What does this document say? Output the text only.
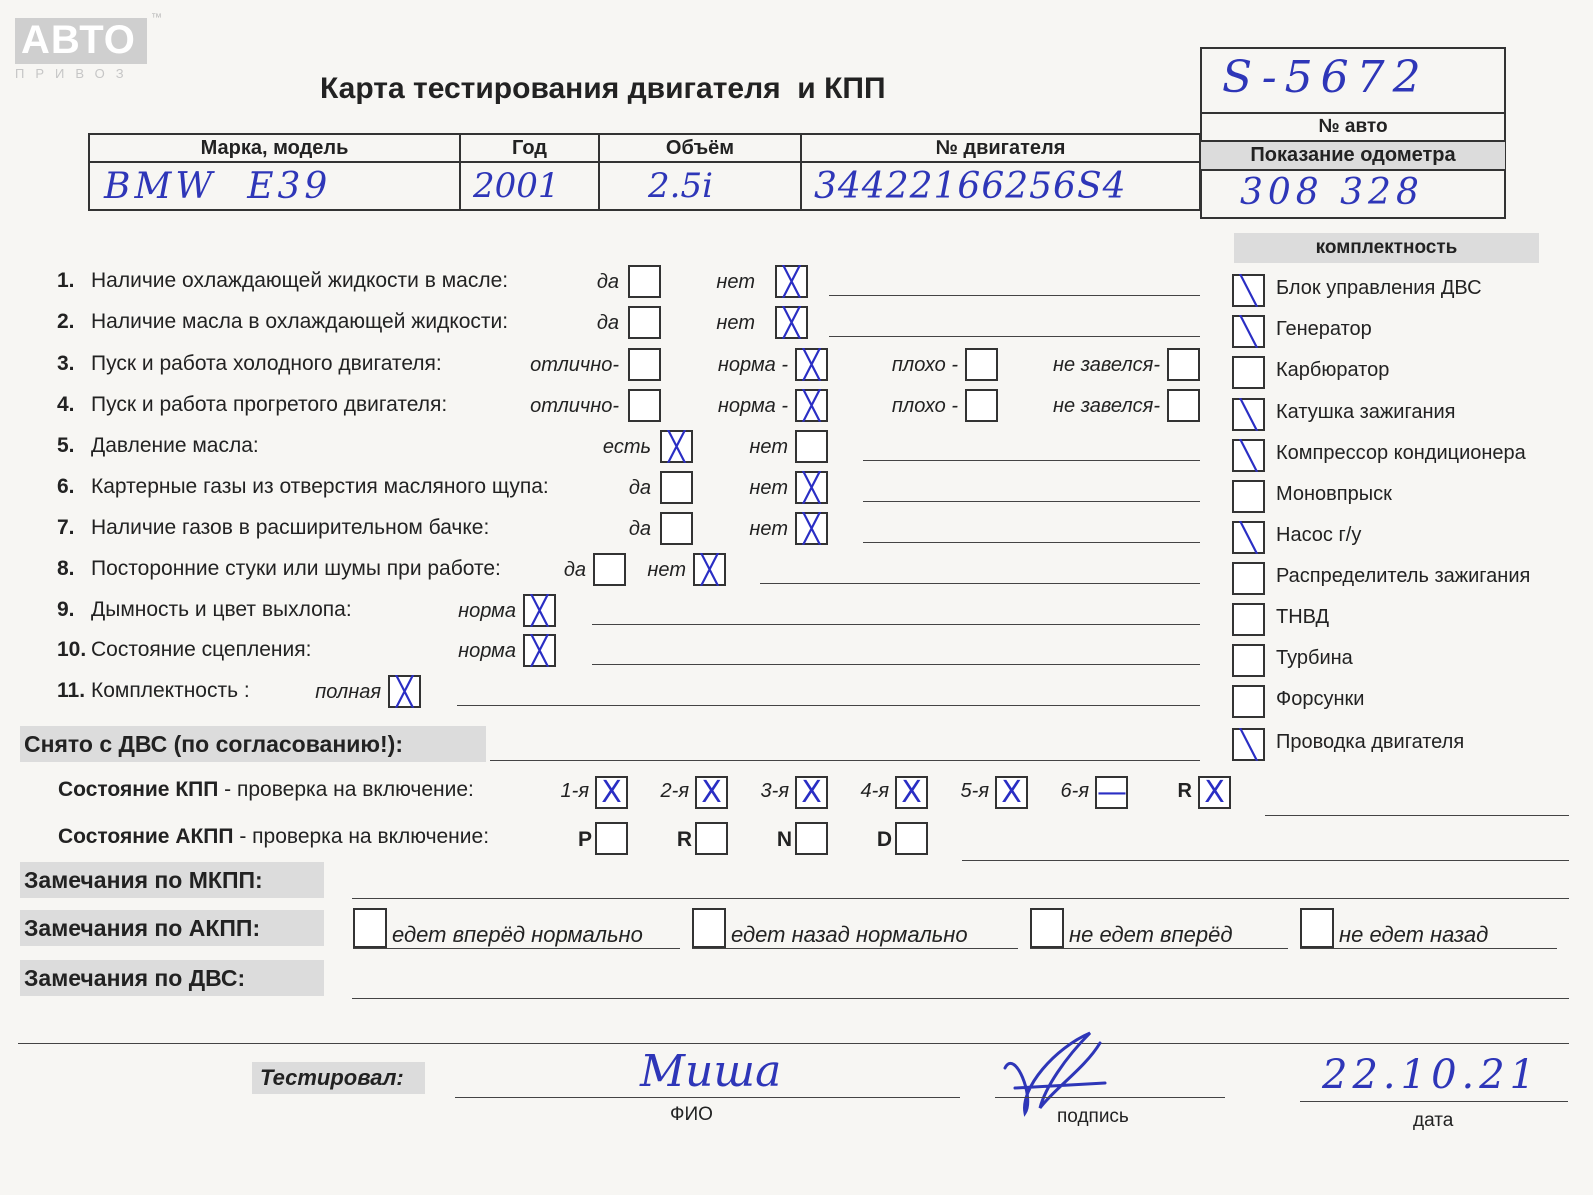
АВТО ™
ПРИВОЗ	Карта тестирования двигателя  и КПП	S-5672
№ авто
Показание одометра
308 328
Марка, модель	Год	Объём	№ двигателя
BMW  E39	2001	2.5i	34422166256S4
комплектность
Снято с ДВС (по согласованию!):
Состояние КПП - проверка на включение:
Состояние АКПП - проверка на включение:
Замечания по МКПП:
Замечания по АКПП:
Замечания по ДВС:
Тестировал:	Миша
ФИО	подпись
22.10.21
дата
1. Наличие охлаждающей жидкости в масле:	да	нет ╳
2. Наличие масла в охлаждающей жидкости:	да	нет ╳
3. Пуск и работа холодного двигателя:	отлично-	норма - ╳	плохо -	не завелся-
4. Пуск и работа прогретого двигателя:	отлично-	норма - ╳	плохо -	не завелся-
5. Давление масла:	есть ╳	нет
6. Картерные газы из отверстия масляного щупа:	да	нет ╳
7. Наличие газов в расширительном бачке:	да	нет ╳
8. Посторонние стуки или шумы при работе:	да	нет ╳
9. Дымность и цвет выхлопа:	норма ╳
10. Состояние сцепления:	норма ╳
11. Комплектность :	полная ╳
╲ Блок управления ДВС
╲ Генератор
Карбюратор
╲ Катушка зажигания
╲ Компрессор кондиционера
Моновпрыск
╲ Насос г/у
Распределитель зажигания
ТНВД
Турбина
Форсунки
╲ Проводка двигателя
1-я X 2-я X 3-я X 4-я X 5-я X 6-я —	R X
P	R	N	D
едет вперёд нормально	едет назад нормально	не едет вперёд	не едет назад
